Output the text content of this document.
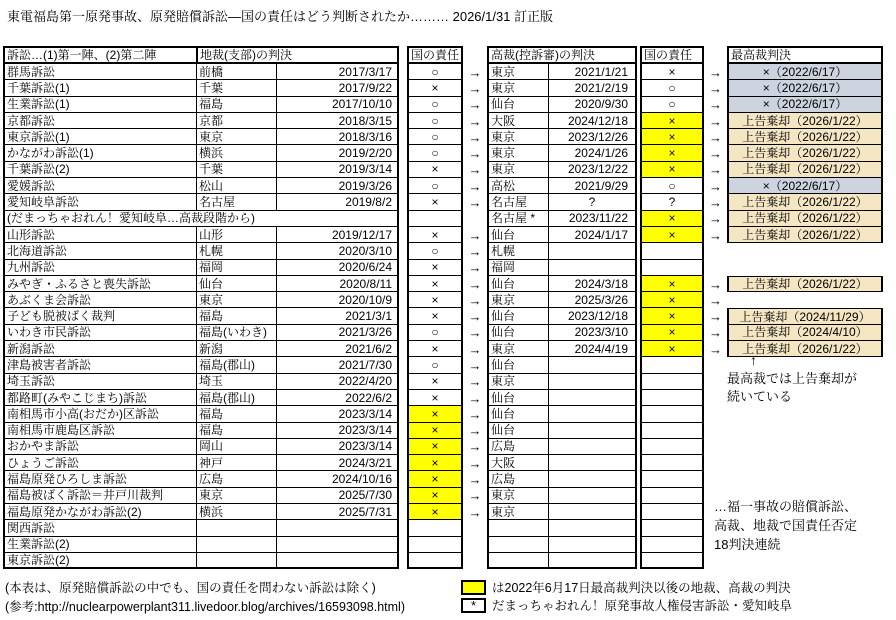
東電福島第一原発事故、原発賠償訴訟―国の責任はどう判断されたか……… 2026/1/31 訂正版
訴訟…(1)第一陣、(2)第二陣	地裁(支部)の判決	国の責任	高裁(控訴審)の判決	国の責任	最高裁判決
群馬訴訟	前橋	2017/3/17	○	→ 東京	2021/1/21	×	→	×（2022/6/17）
千葉訴訟(1)	千葉	2017/9/22	×	→ 東京	2021/2/19	○	→	×（2022/6/17）
生業訴訟(1)	福島	2017/10/10	○	→ 仙台	2020/9/30	○	→	×（2022/6/17）
京都訴訟	京都	2018/3/15	○	→ 大阪	2024/12/18	×	→	上告棄却（2026/1/22）
東京訴訟(1)	東京	2018/3/16	○	→ 東京	2023/12/26	×	→	上告棄却（2026/1/22）
かながわ訴訟(1)	横浜	2019/2/20	○	→ 東京	2024/1/26	×	→	上告棄却（2026/1/22）
千葉訴訟(2)	千葉	2019/3/14	×	→ 東京	2023/12/22	×	→	上告棄却（2026/1/22）
愛媛訴訟	松山	2019/3/26	○	→ 高松	2021/9/29	○	→	×（2022/6/17）
愛知岐阜訴訟	名古屋	2019/8/2	×	→ 名古屋	?	?	→	上告棄却（2026/1/22）
(だまっちゃおれん！愛知岐阜…高裁段階から)	名古屋 *	2023/11/22	×	→	上告棄却（2026/1/22）
山形訴訟	山形	2019/12/17	×	→ 仙台	2024/1/17	×	→	上告棄却（2026/1/22）
北海道訴訟	札幌	2020/3/10	○	→ 札幌
九州訴訟	福岡	2020/6/24	×	→ 福岡
みやぎ・ふるさと喪失訴訟	仙台	2020/8/11	×	→ 仙台	2024/3/18	×	→	上告棄却（2026/1/22）
あぶくま会訴訟	東京	2020/10/9	×	→ 東京	2025/3/26	×	→
子ども脱被ばく裁判	福島	2021/3/1	×	→ 仙台	2023/12/18	×	→	上告棄却（2024/11/29）
いわき市民訴訟	福島(いわき)	2021/3/26	○	→ 仙台	2023/3/10	×	→	上告棄却（2024/4/10）
新潟訴訟	新潟	2021/6/2	×	→ 東京	2024/4/19	×	→	上告棄却（2026/1/22）
津島被害者訴訟	福島(郡山)	2021/7/30	○	→ 仙台
埼玉訴訟	埼玉	2022/4/20	×	→ 東京
都路町(みやこじまち)訴訟	福島(郡山)	2022/6/2	×	→ 仙台
南相馬市小高(おだか)区訴訟	福島	2023/3/14	×	→ 仙台
南相馬市鹿島区訴訟	福島	2023/3/14	×	→ 仙台
おかやま訴訟	岡山	2023/3/14	×	→ 広島
ひょうご訴訟	神戸	2024/3/21	×	→ 大阪
福島原発ひろしま訴訟	広島	2024/10/16	×	→ 広島
福島被ばく訴訟＝井戸川裁判	東京	2025/7/30	×	→ 東京
福島原発かながわ訴訟(2)	横浜	2025/7/31	×	→ 東京
関西訴訟
生業訴訟(2)
東京訴訟(2)
↑
最高裁では上告棄却が
続いている
…福一事故の賠償訴訟、
高裁、地裁で国責任否定
18判決連続
は2022年6月17日最高裁判決以後の地裁、高裁の判決
*	だまっちゃおれん！原発事故人権侵害訴訟・愛知岐阜
(本表は、原発賠償訴訟の中でも、国の責任を問わない訴訟は除く)
(参考:http://nuclearpowerplant311.livedoor.blog/archives/16593098.html)
